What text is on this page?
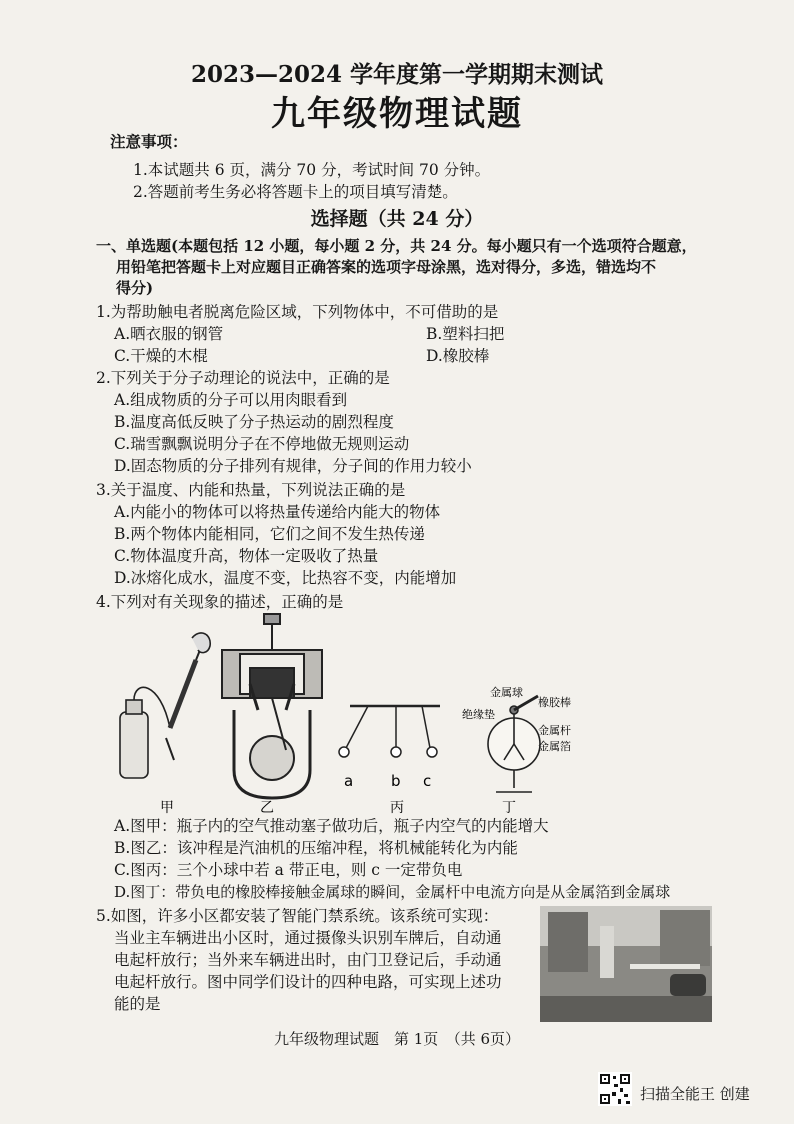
2023—2024 学年度第一学期期末测试
九年级物理试题
注意事项：
1.本试题共 6 页，满分 70 分，考试时间 70 分钟。
2.答题前考生务必将答题卡上的项目填写清楚。
选择题（共 24 分）
一、单选题(本题包括 12 小题，每小题 2 分，共 24 分。每小题只有一个选项符合题意，
用铅笔把答题卡上对应题目正确答案的选项字母涂黑，选对得分，多选，错选均不
得分)
1.为帮助触电者脱离危险区域，下列物体中，不可借助的是
A.晒衣服的钢管	B.塑料扫把
C.干燥的木棍	D.橡胶棒
2.下列关于分子动理论的说法中，正确的是
A.组成物质的分子可以用肉眼看到
B.温度高低反映了分子热运动的剧烈程度
C.瑞雪飘飘说明分子在不停地做无规则运动
D.固态物质的分子排列有规律，分子间的作用力较小
3.关于温度、内能和热量，下列说法正确的是
A.内能小的物体可以将热量传递给内能大的物体
B.两个物体内能相同，它们之间不发生热传递
C.物体温度升高，物体一定吸收了热量
D.冰熔化成水，温度不变，比热容不变，内能增加
4.下列对有关现象的描述，正确的是
a	b c
金属球
橡胶棒
绝缘垫
金属杆
金属箔
甲	乙	丙	丁
A.图甲：瓶子内的空气推动塞子做功后，瓶子内空气的内能增大
B.图乙：该冲程是汽油机的压缩冲程，将机械能转化为内能
C.图丙：三个小球中若 a 带正电，则 c 一定带负电
D.图丁：带负电的橡胶棒接触金属球的瞬间，金属杆中电流方向是从金属箔到金属球
5.如图，许多小区都安装了智能门禁系统。该系统可实现：
当业主车辆进出小区时，通过摄像头识别车牌后，自动通
电起杆放行；当外来车辆进出时，由门卫登记后，手动通
电起杆放行。图中同学们设计的四种电路，可实现上述功
能的是
九年级物理试题　第 1页　（共 6页）
扫描全能王 创建
